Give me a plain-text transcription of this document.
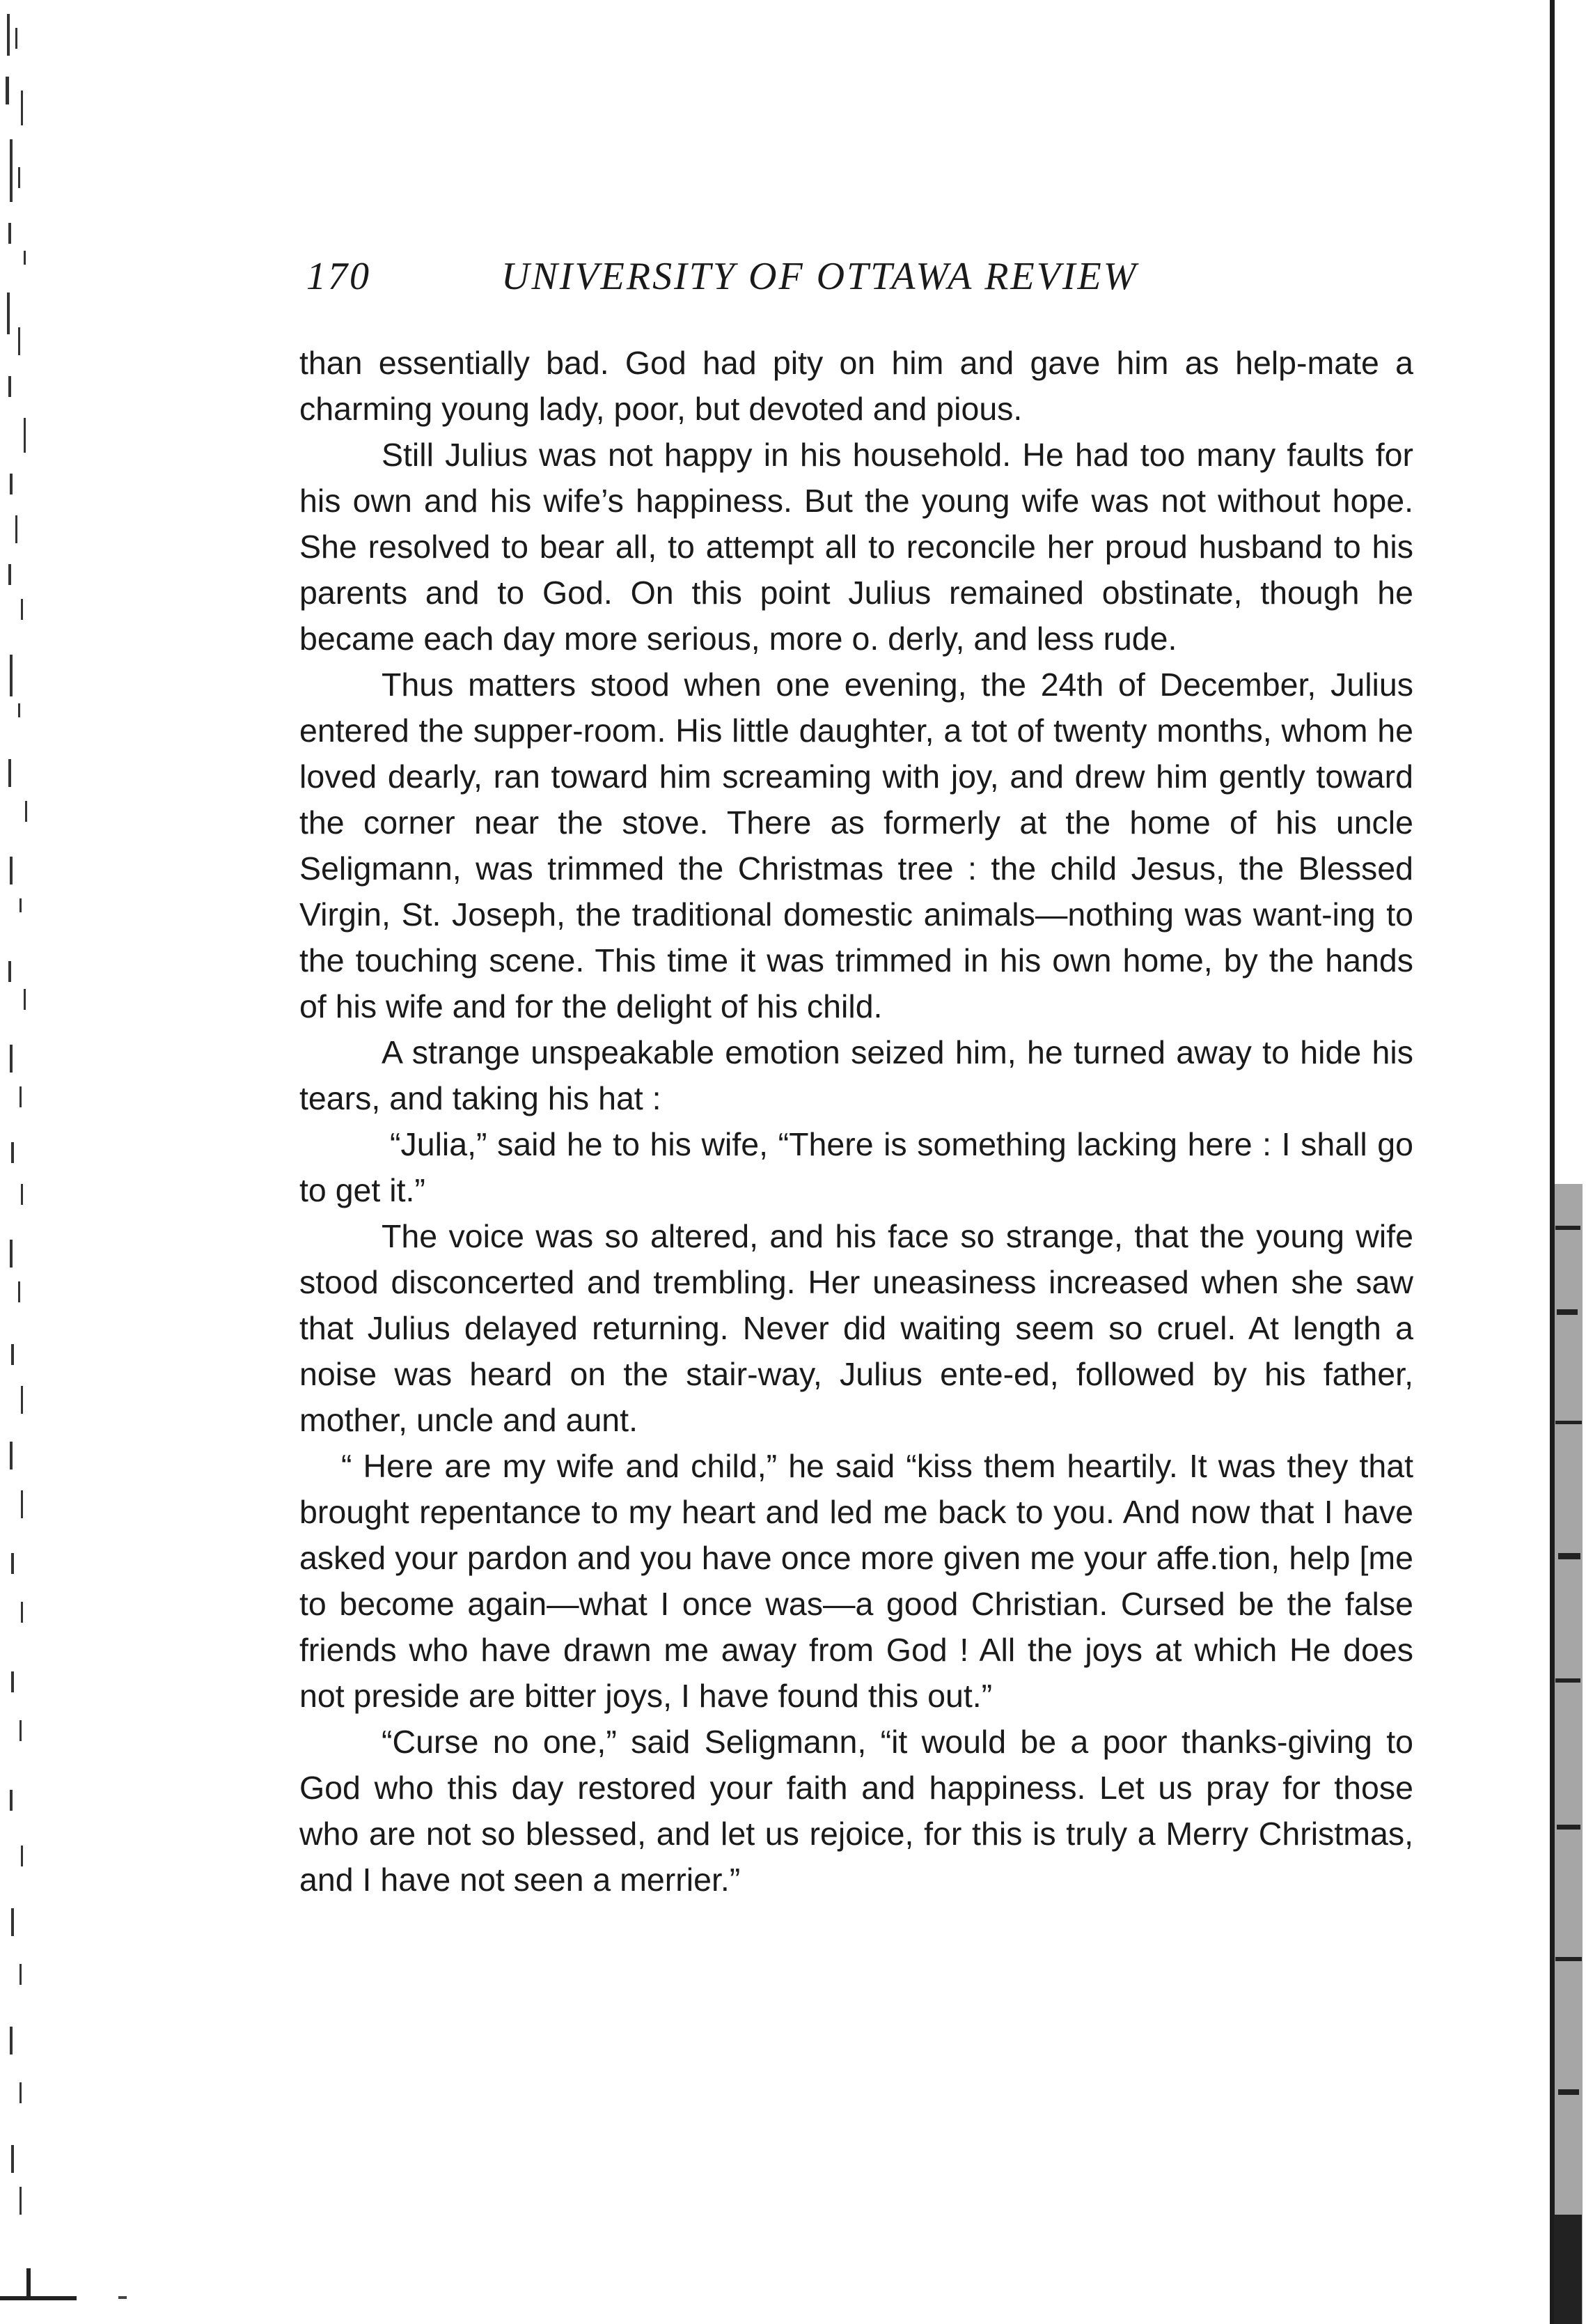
170	UNIVERSITY OF OTTAWA REVIEW

than essentially bad. God had pity on him and gave him as help-mate a charming young lady, poor, but devoted and pious.

Still Julius was not happy in his household. He had too many faults for his own and his wife’s happiness. But the young wife was not without hope. She resolved to bear all, to attempt all to reconcile her proud husband to his parents and to God. On this point Julius remained obstinate, though he became each day more serious, more o. derly, and less rude.

Thus matters stood when one evening, the 24th of December, Julius entered the supper-room. His little daughter, a tot of twenty months, whom he loved dearly, ran toward him screaming with joy, and drew him gently toward the corner near the stove. There as formerly at the home of his uncle Seligmann, was trimmed the Christmas tree : the child Jesus, the Blessed Virgin, St. Joseph, the traditional domestic animals—nothing was want-ing to the touching scene. This time it was trimmed in his own home, by the hands of his wife and for the delight of his child.

A strange unspeakable emotion seized him, he turned away to hide his tears, and taking his hat :

“Julia,” said he to his wife, “There is something lacking here : I shall go to get it.”

The voice was so altered, and his face so strange, that the young wife stood disconcerted and trembling. Her uneasiness increased when she saw that Julius delayed returning. Never did waiting seem so cruel. At length a noise was heard on the stair-way, Julius ente-ed, followed by his father, mother, uncle and aunt.

“ Here are my wife and child,” he said “kiss them heartily. It was they that brought repentance to my heart and led me back to you. And now that I have asked your pardon and you have once more given me your affe.tion, help [me to become again—what I once was—a good Christian. Cursed be the false friends who have drawn me away from God ! All the joys at which He does not preside are bitter joys, I have found this out.”

“Curse no one,” said Seligmann, “it would be a poor thanks-giving to God who this day restored your faith and happiness. Let us pray for those who are not so blessed, and let us rejoice, for this is truly a Merry Christmas, and I have not seen a merrier.”
